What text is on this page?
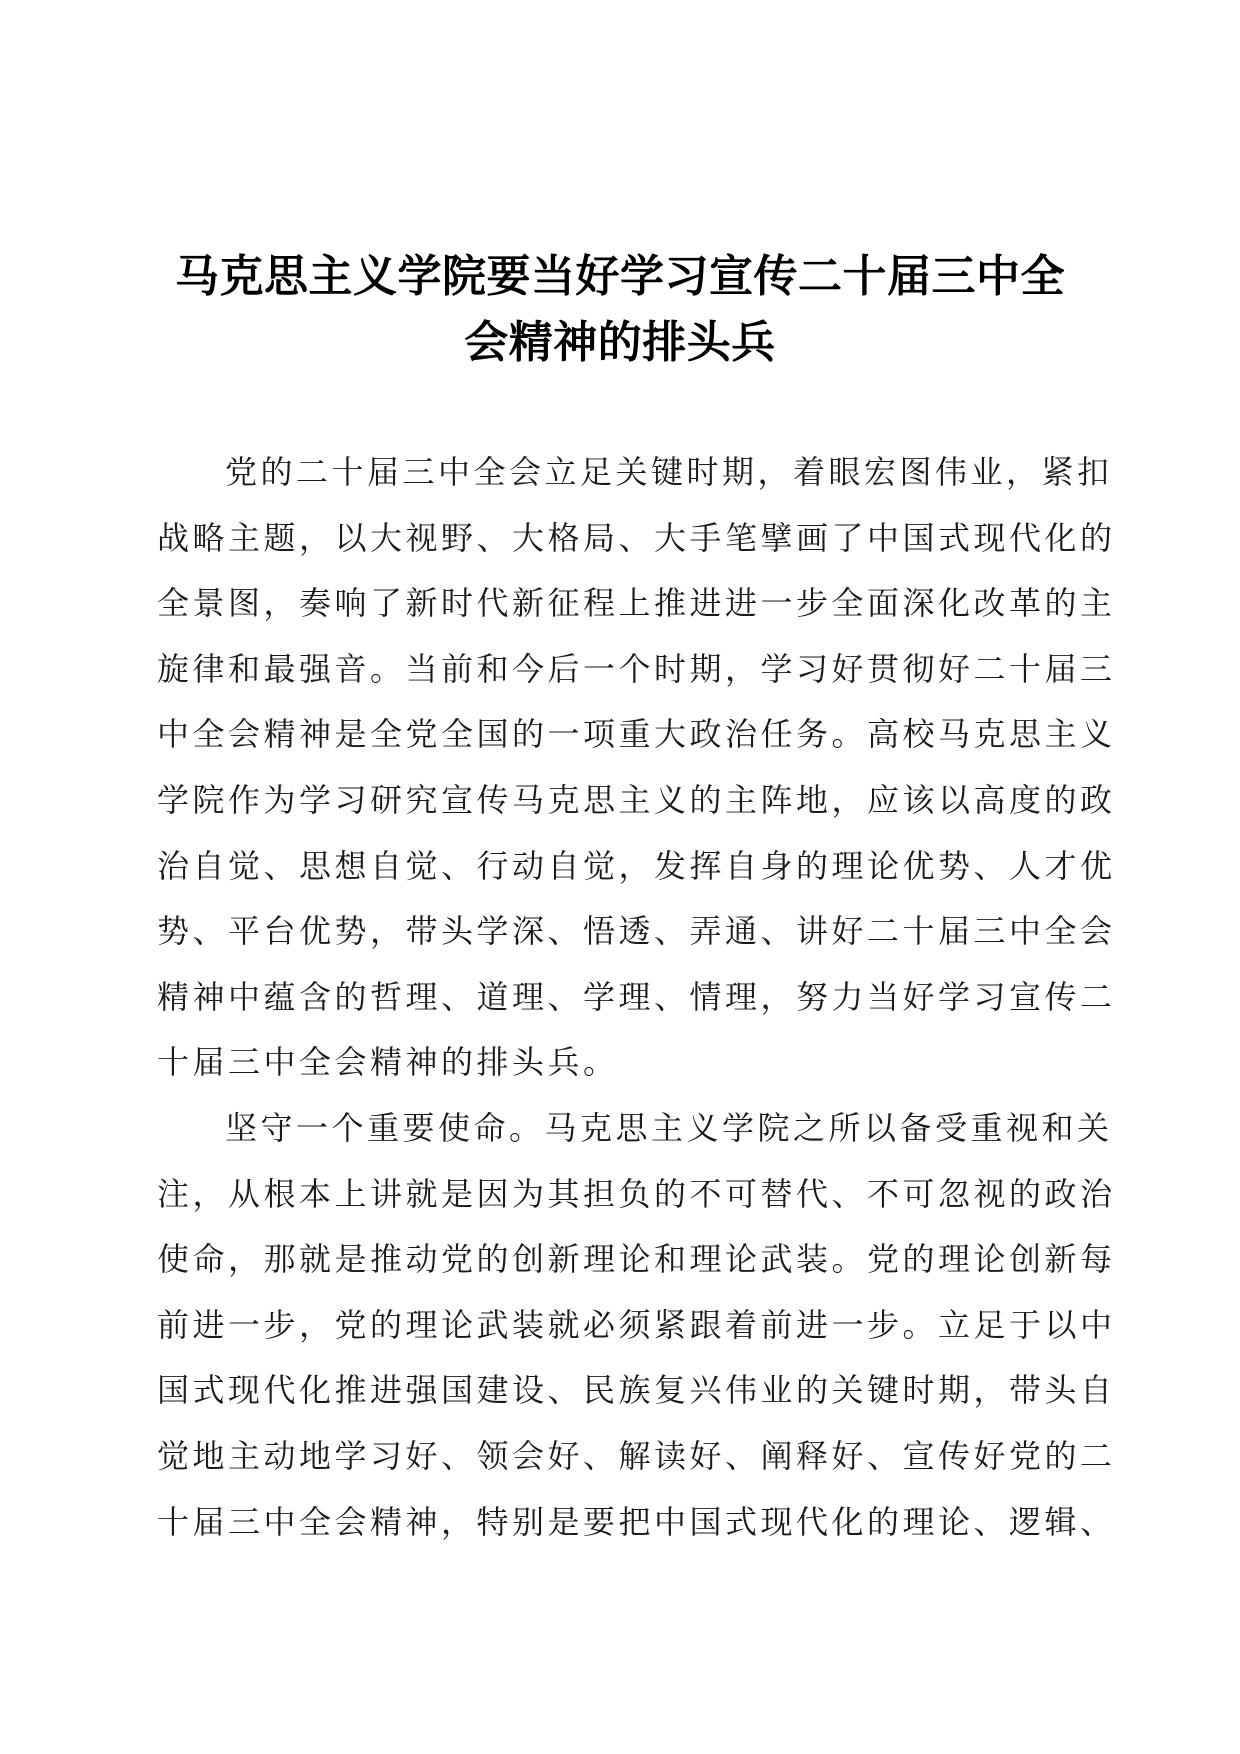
马克思主义学院要当好学习宣传二十届三中全
会精神的排头兵
党的二十届三中全会立足关键时期，着眼宏图伟业，紧扣
战略主题，以大视野、大格局、大手笔擘画了中国式现代化的
全景图，奏响了新时代新征程上推进进一步全面深化改革的主
旋律和最强音。当前和今后一个时期，学习好贯彻好二十届三
中全会精神是全党全国的一项重大政治任务。高校马克思主义
学院作为学习研究宣传马克思主义的主阵地，应该以高度的政
治自觉、思想自觉、行动自觉，发挥自身的理论优势、人才优
势、平台优势，带头学深、悟透、弄通、讲好二十届三中全会
精神中蕴含的哲理、道理、学理、情理，努力当好学习宣传二
十届三中全会精神的排头兵。
坚守一个重要使命。马克思主义学院之所以备受重视和关
注，从根本上讲就是因为其担负的不可替代、不可忽视的政治
使命，那就是推动党的创新理论和理论武装。党的理论创新每
前进一步，党的理论武装就必须紧跟着前进一步。立足于以中
国式现代化推进强国建设、民族复兴伟业的关键时期，带头自
觉地主动地学习好、领会好、解读好、阐释好、宣传好党的二
十届三中全会精神，特别是要把中国式现代化的理论、逻辑、
